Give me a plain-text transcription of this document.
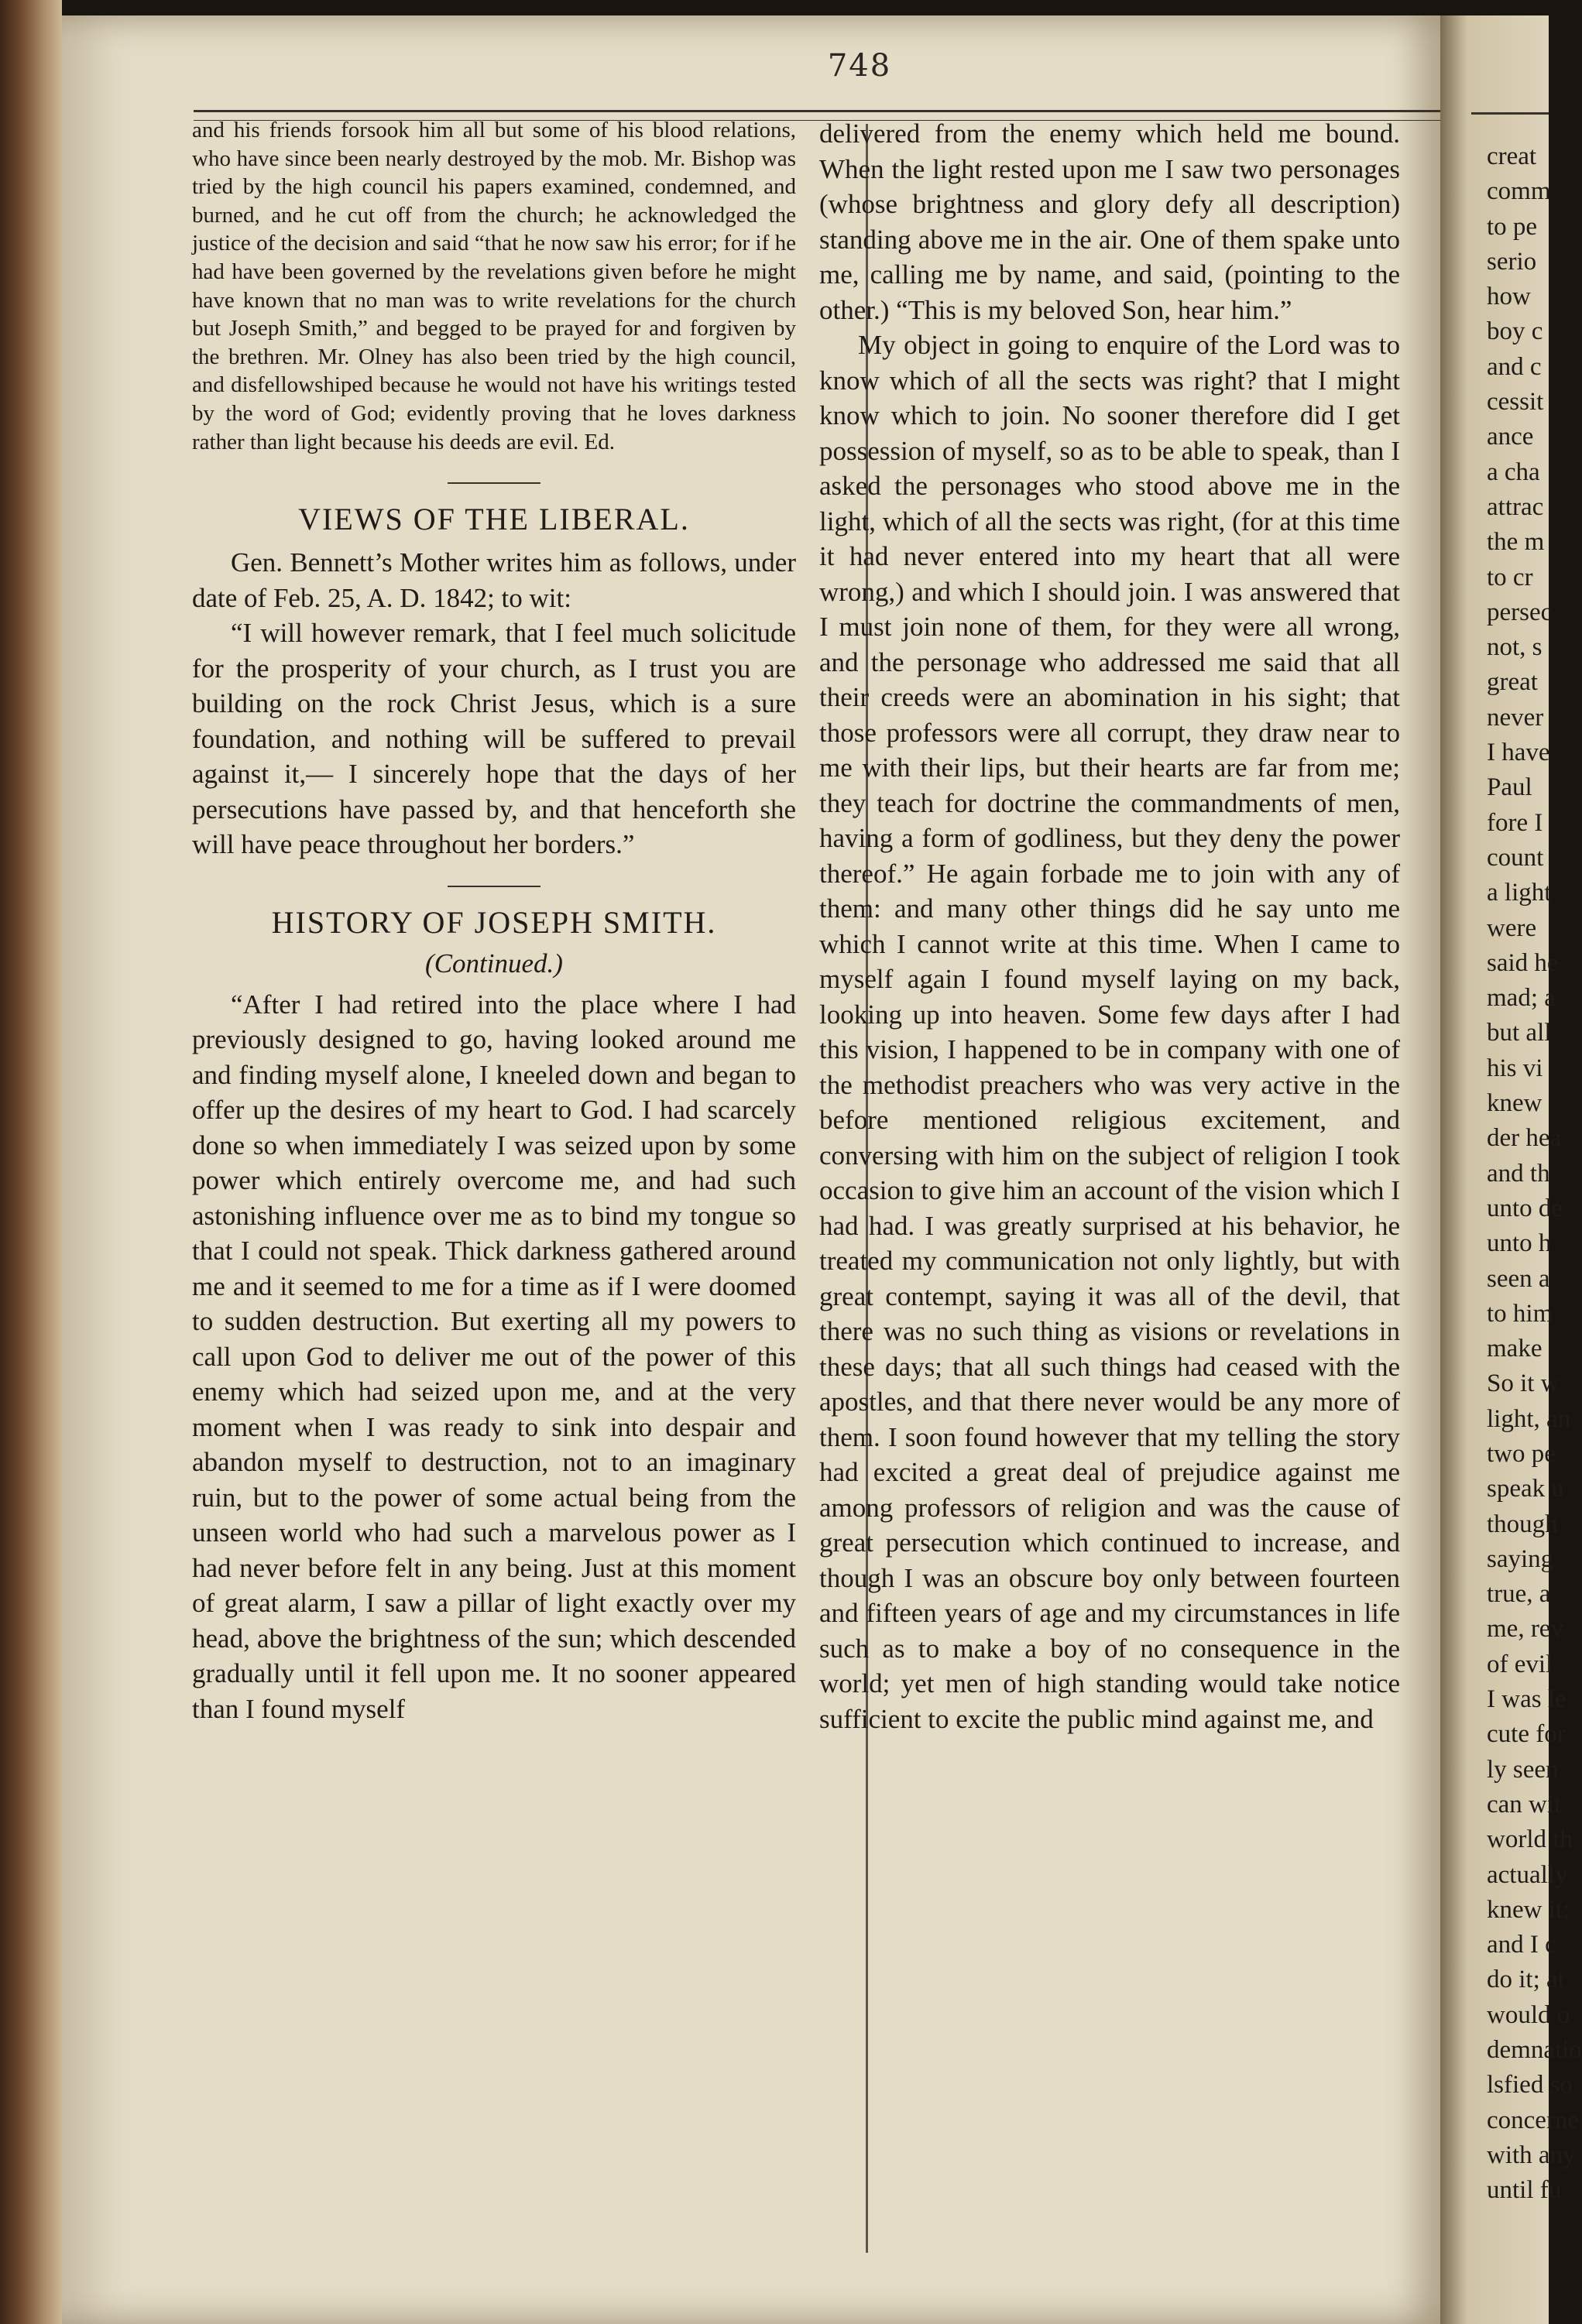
748

and his friends forsook him all but some of his blood relations, who have since been nearly destroyed by the mob. Mr. Bishop was tried by the high council his papers examined, condemned, and burned, and he cut off from the church; he acknowledged the justice of the decision and said “that he now saw his error; for if he had have been governed by the revelations given before he might have known that no man was to write revelations for the church but Joseph Smith,” and begged to be prayed for and forgiven by the brethren. Mr. Olney has also been tried by the high council, and disfellowshiped because he would not have his writings tested by the word of God; evidently proving that he loves darkness rather than light because his deeds are evil. Ed.

VIEWS OF THE LIBERAL.

Gen. Bennett’s Mother writes him as follows, under date of Feb. 25, A. D. 1842; to wit:

“I will however remark, that I feel much solicitude for the prosperity of your church, as I trust you are building on the rock Christ Jesus, which is a sure foundation, and nothing will be suffered to prevail against it,— I sincerely hope that the days of her persecutions have passed by, and that henceforth she will have peace throughout her borders.”

HISTORY OF JOSEPH SMITH.

(Continued.)

“After I had retired into the place where I had previously designed to go, having looked around me and finding myself alone, I kneeled down and began to offer up the desires of my heart to God. I had scarcely done so when immediately I was seized upon by some power which entirely overcome me, and had such astonishing influence over me as to bind my tongue so that I could not speak. Thick darkness gathered around me and it seemed to me for a time as if I were doomed to sudden destruction. But exerting all my powers to call upon God to deliver me out of the power of this enemy which had seized upon me, and at the very moment when I was ready to sink into despair and abandon myself to destruction, not to an imaginary ruin, but to the power of some actual being from the unseen world who had such a marvelous power as I had never before felt in any being. Just at this moment of great alarm, I saw a pillar of light exactly over my head, above the brightness of the sun; which descended gradually until it fell upon me. It no sooner appeared than I found myself

delivered from the enemy which held me bound. When the light rested upon me I saw two personages (whose brightness and glory defy all description) standing above me in the air. One of them spake unto me, calling me by name, and said, (pointing to the other.) “This is my beloved Son, hear him.”

My object in going to enquire of the Lord was to know which of all the sects was right? that I might know which to join. No sooner therefore did I get possession of myself, so as to be able to speak, than I asked the personages who stood above me in the light, which of all the sects was right, (for at this time it had never entered into my heart that all were wrong,) and which I should join. I was answered that I must join none of them, for they were all wrong, and the personage who addressed me said that all their creeds were an abomination in his sight; that those professors were all corrupt, they draw near to me with their lips, but their hearts are far from me; they teach for doctrine the commandments of men, having a form of godliness, but they deny the power thereof.” He again forbade me to join with any of them: and many other things did he say unto me which I cannot write at this time. When I came to myself again I found myself laying on my back, looking up into heaven. Some few days after I had this vision, I happened to be in company with one of the methodist preachers who was very active in the before mentioned religious excitement, and conversing with him on the subject of religion I took occasion to give him an account of the vision which I had had. I was greatly surprised at his behavior, he treated my communication not only lightly, but with great contempt, saying it was all of the devil, that there was no such thing as visions or revelations in these days; that all such things had ceased with the apostles, and that there never would be any more of them. I soon found however that my telling the story had excited a great deal of prejudice against me among professors of religion and was the cause of great persecution which continued to increase, and though I was an obscure boy only between fourteen and fifteen years of age and my circumstances in life such as to make a boy of no consequence in the world; yet men of high standing would take notice sufficient to excite the public mind against me, and

creat
comm
to pe
serio
how
boy c
and c
cessit
ance
a cha
attrac
the m
to cr
persec
not, s
great
never
I have
Paul
fore I
count
a light
were
said he
mad; a
but all
his vi
knew
der hea
and th
unto de
unto h
seen a
to him
make
So it w
light, an
two pe
speak u
though
saying
true, a
me, rev
of evil
I was le
cute for
ly seen
can wit
world th
actually
knew it;
and I c
do it; at
would o
demnatio
lsfied so
concerne
with any
until fu
